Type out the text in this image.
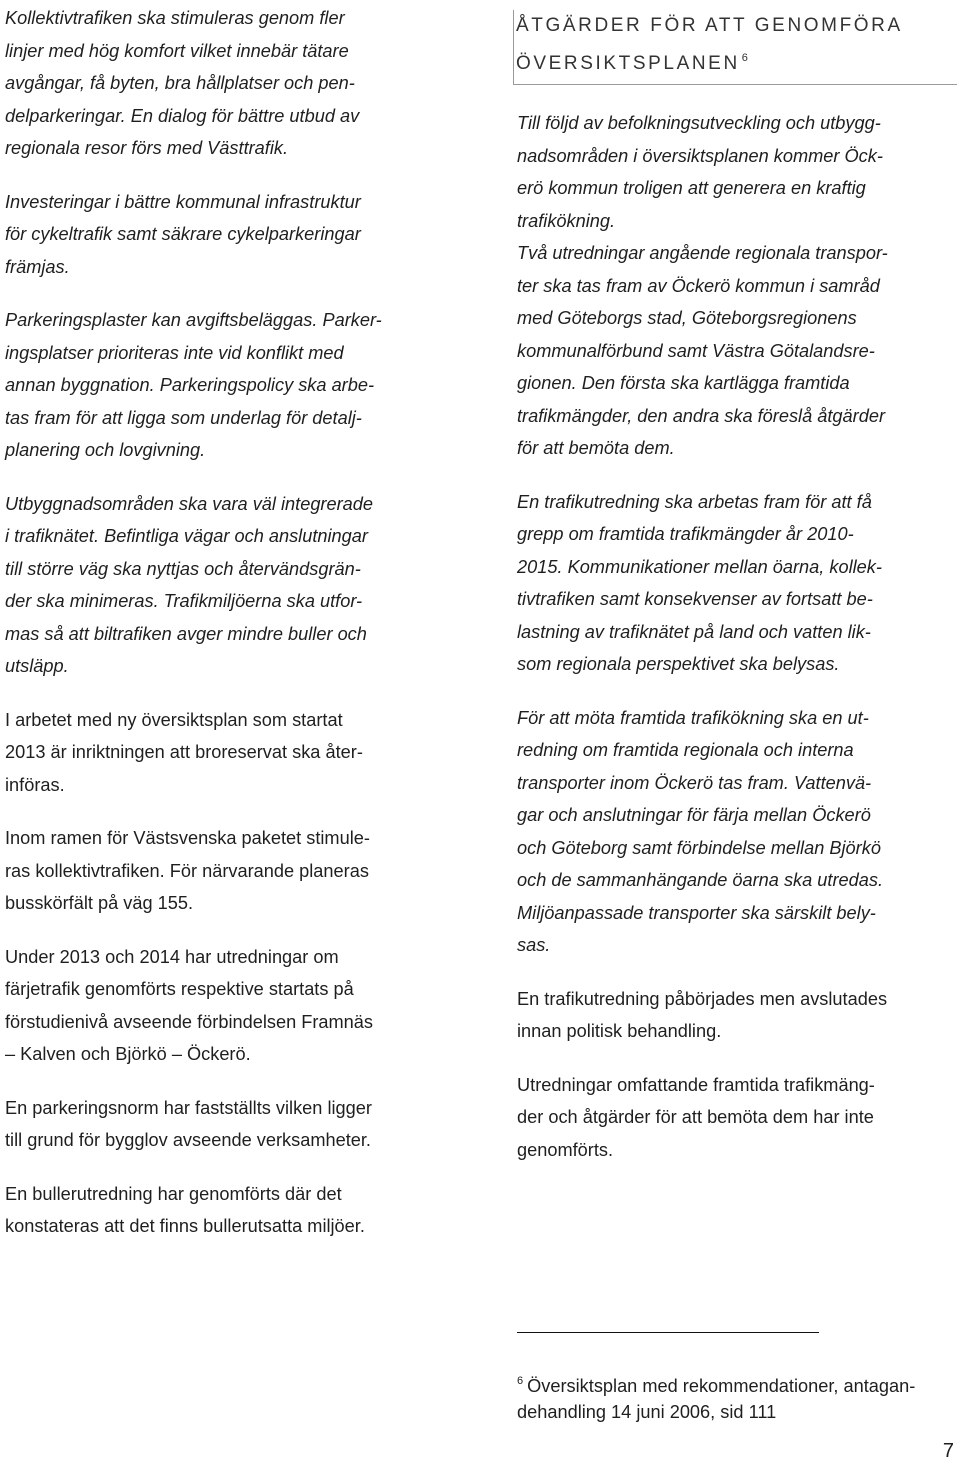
Kollektivtrafiken ska stimuleras genom fler
linjer med hög komfort vilket innebär tätare
avgångar, få byten, bra hållplatser och pen-
delparkeringar. En dialog för bättre utbud av
regionala resor förs med Västtrafik.

Investeringar i bättre kommunal infrastruktur
för cykeltrafik samt säkrare cykelparkeringar
främjas.

Parkeringsplaster kan avgiftsbeläggas. Parker-
ingsplatser prioriteras inte vid konflikt med
annan byggnation. Parkeringspolicy ska arbe-
tas fram för att ligga som underlag för detalj-
planering och lovgivning.

Utbyggnadsområden ska vara väl integrerade
i trafiknätet. Befintliga vägar och anslutningar
till större väg ska nyttjas och återvändsgrän-
der ska minimeras. Trafikmiljöerna ska utfor-
mas så att biltrafiken avger mindre buller och
utsläpp.

I arbetet med ny översiktsplan som startat
2013 är inriktningen att broreservat ska åter-
införas.

Inom ramen för Västsvenska paketet stimule-
ras kollektivtrafiken. För närvarande planeras
busskörfält på väg 155.

Under 2013 och 2014 har utredningar om
färjetrafik genomförts respektive startats på
förstudienivå avseende förbindelsen Framnäs
– Kalven och Björkö – Öckerö.

En parkeringsnorm har fastställts vilken ligger
till grund för bygglov avseende verksamheter.

En bullerutredning har genomförts där det
konstateras att det finns bullerutsatta miljöer.

ÅTGÄRDER FÖR ATT GENOMFÖRA
ÖVERSIKTSPLANEN $^6$

Till följd av befolkningsutveckling och utbygg-
nadsområden i översiktsplanen kommer Öck-
erö kommun troligen att generera en kraftig
trafikökning.
Två utredningar angående regionala transpor-
ter ska tas fram av Öckerö kommun i samråd
med Göteborgs stad, Göteborgsregionens
kommunalförbund samt Västra Götalandsre-
gionen. Den första ska kartlägga framtida
trafikmängder, den andra ska föreslå åtgärder
för att bemöta dem.

En trafikutredning ska arbetas fram för att få
grepp om framtida trafikmängder år 2010-
2015. Kommunikationer mellan öarna, kollek-
tivtrafiken samt konsekvenser av fortsatt be-
lastning av trafiknätet på land och vatten lik-
som regionala perspektivet ska belysas.

För att möta framtida trafikökning ska en ut-
redning om framtida regionala och interna
transporter inom Öckerö tas fram. Vattenvä-
gar och anslutningar för färja mellan Öckerö
och Göteborg samt förbindelse mellan Björkö
och de sammanhängande öarna ska utredas.
Miljöanpassade transporter ska särskilt bely-
sas.

En trafikutredning påbörjades men avslutades
innan politisk behandling.

Utredningar omfattande framtida trafikmäng-
der och åtgärder för att bemöta dem har inte
genomförts.

$^6$ Översiktsplan med rekommendationer, antagan-
dehandling 14 juni 2006, sid 111
7
